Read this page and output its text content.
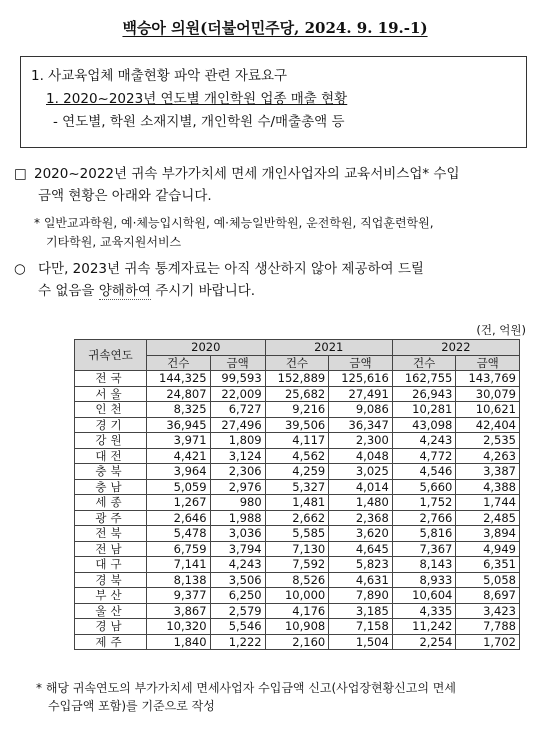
백승아 의원(더불어민주당, 2024. 9. 19.-1)
1. 사교육업체 매출현황 파악 관련 자료요구
1. 2020~2023년 연도별 개인학원 업종 매출 현황
- 연도별, 학원 소재지별, 개인학원 수/매출총액 등
□ 2020~2022년 귀속 부가가치세 면세 개인사업자의 교육서비스업* 수입
금액 현황은 아래와 같습니다.
* 일반교과학원, 예·체능입시학원, 예·체능일반학원, 운전학원, 직업훈련학원,
기타학원, 교육지원서비스
○ 다만, 2023년 귀속 통계자료는 아직 생산하지 않아 제공하여 드릴
수 없음을 양해하여 주시기 바랍니다.
(건, 억원)
귀속연도	2020		2021		2022	
	건수	금액	건수	금액	건수	금액
전국	144,325	99,593	152,889	125,616	162,755	143,769
서울	24,807	22,009	25,682	27,491	26,943	30,079
인천	8,325	6,727	9,216	9,086	10,281	10,621
경기	36,945	27,496	39,506	36,347	43,098	42,404
강원	3,971	1,809	4,117	2,300	4,243	2,535
대전	4,421	3,124	4,562	4,048	4,772	4,263
충북	3,964	2,306	4,259	3,025	4,546	3,387
충남	5,059	2,976	5,327	4,014	5,660	4,388
세종	1,267	980	1,481	1,480	1,752	1,744
광주	2,646	1,988	2,662	2,368	2,766	2,485
전북	5,478	3,036	5,585	3,620	5,816	3,894
전남	6,759	3,794	7,130	4,645	7,367	4,949
대구	7,141	4,243	7,592	5,823	8,143	6,351
경북	8,138	3,506	8,526	4,631	8,933	5,058
부산	9,377	6,250	10,000	7,890	10,604	8,697
울산	3,867	2,579	4,176	3,185	4,335	3,423
경남	10,320	5,546	10,908	7,158	11,242	7,788
제주	1,840	1,222	2,160	1,504	2,254	1,702
* 해당 귀속연도의 부가가치세 면세사업자 수입금액 신고(사업장현황신고의 면세
수입금액 포함)를 기준으로 작성
